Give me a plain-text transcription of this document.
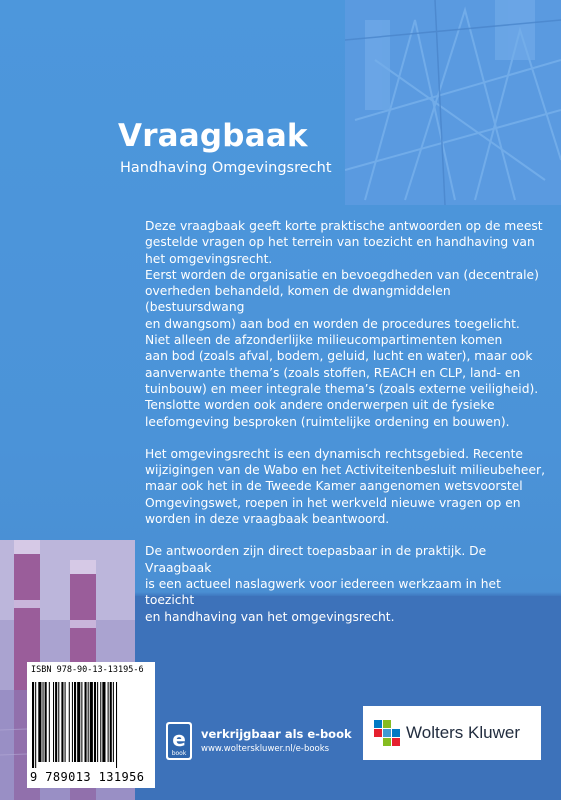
Vraagbaak

Handhaving Omgevingsrecht

Deze vraagbaak geeft korte praktische antwoorden op de meest
gestelde vragen op het terrein van toezicht en handhaving van
het omgevingsrecht.
Eerst worden de organisatie en bevoegdheden van (decentrale)
overheden behandeld, komen de dwangmiddelen (bestuursdwang
en dwangsom) aan bod en worden de procedures toegelicht.
Niet alleen de afzonderlijke milieucompartimenten komen
aan bod (zoals afval, bodem, geluid, lucht en water), maar ook
aanverwante thema’s (zoals stoffen, REACH en CLP, land- en
tuinbouw) en meer integrale thema’s (zoals externe veiligheid).
Tenslotte worden ook andere onderwerpen uit de fysieke
leefomgeving besproken (ruimtelijke ordening en bouwen).

Het omgevingsrecht is een dynamisch rechtsgebied. Recente
wijzigingen van de Wabo en het Activiteitenbesluit milieubeheer,
maar ook het in de Tweede Kamer aangenomen wetsvoorstel
Omgevingswet, roepen in het werkveld nieuwe vragen op en
worden in deze vraagbaak beantwoord.

De antwoorden zijn direct toepasbaar in de praktijk. De Vraagbaak
is een actueel naslagwerk voor iedereen werkzaam in het toezicht
en handhaving van het omgevingsrecht.

ISBN 978-90-13-13195-6
9 789013 131956
e
book
verkrijgbaar als e-book
www.wolterskluwer.nl/e-books
Wolters Kluwer
